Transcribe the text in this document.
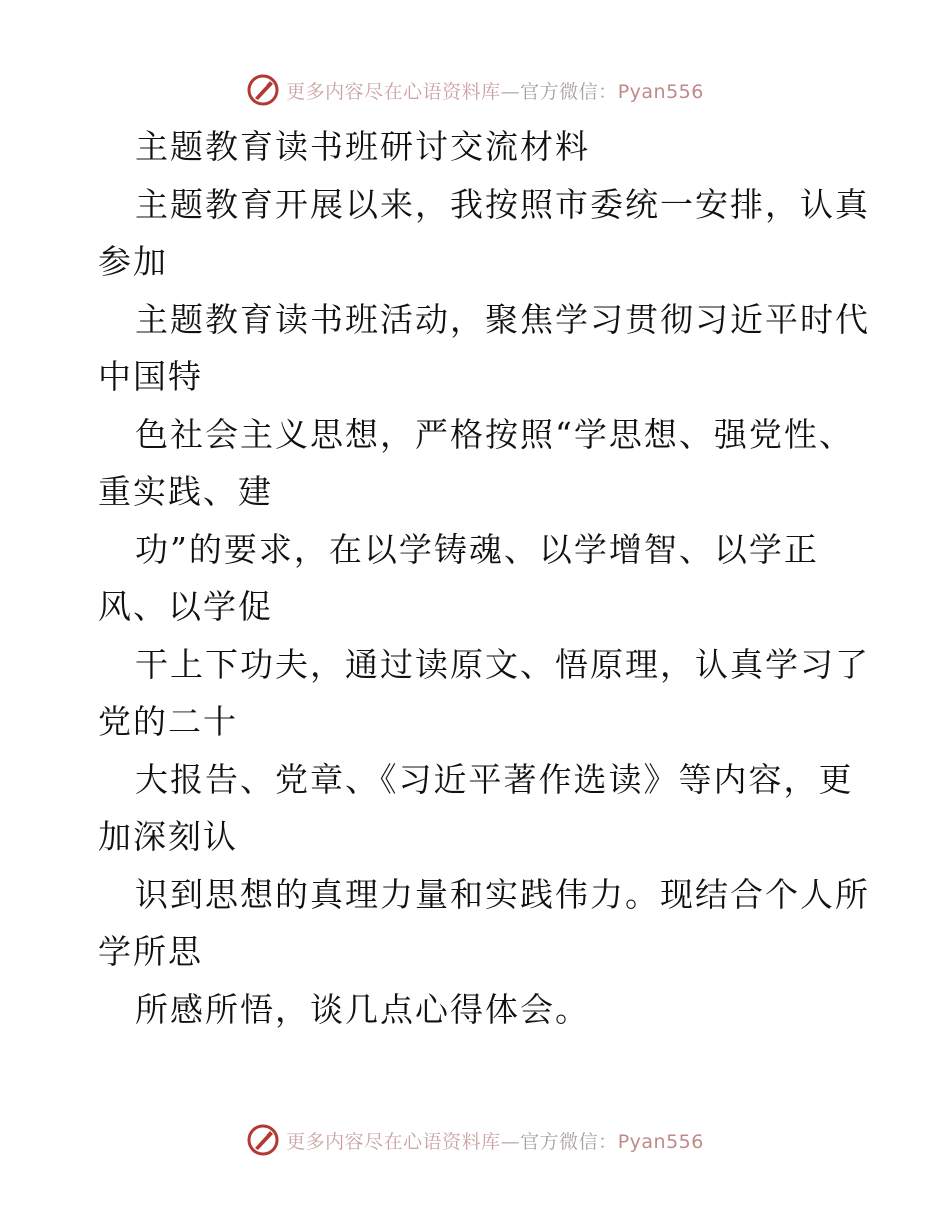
更多内容尽在心语资料库—官方微信：Pyan556
主题教育读书班研讨交流材料
主题教育开展以来，我按照市委统一安排，认真
参加
主题教育读书班活动，聚焦学习贯彻习近平时代
中国特
色社会主义思想，严格按照“学思想、强党性、
重实践、建
功”的要求，在以学铸魂、以学增智、以学正
风、以学促
干上下功夫，通过读原文、悟原理，认真学习了
党的二十
大报告、党章、《习近平著作选读》等内容，更
加深刻认
识到思想的真理力量和实践伟力。现结合个人所
学所思
所感所悟，谈几点心得体会。
更多内容尽在心语资料库—官方微信：Pyan556
